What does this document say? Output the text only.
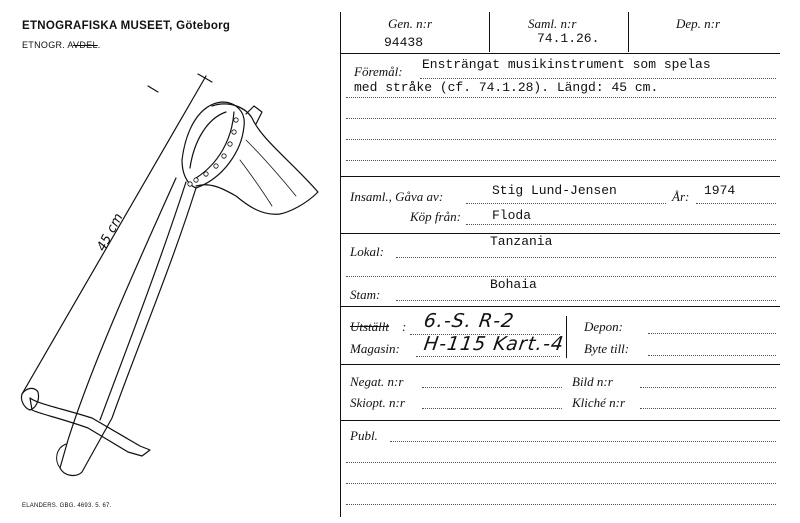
ETNOGRAFISKA MUSEET, Göteborg
ETNOGR. AVDEL.
45 cm
ELANDERS. GBG. 4693. 5. 67.
Gen. n:r
94438
Saml. n:r
74.1.26.
Dep. n:r
Föremål: Ensträngat musikinstrument som spelas
med stråke (cf. 74.1.28). Längd: 45 cm.
Insaml., Gåva av:	Stig Lund-Jensen	År: 1974
Köp från: Floda
Lokal:
Tanzania
Stam:
Bohaia
Utställt : 6.-S. R-2
Magasin: H-115 Kart.-4
Depon:
Byte till:
Negat. n:r	Bild n:r
Skiopt. n:r	Kliché n:r
Publ.
